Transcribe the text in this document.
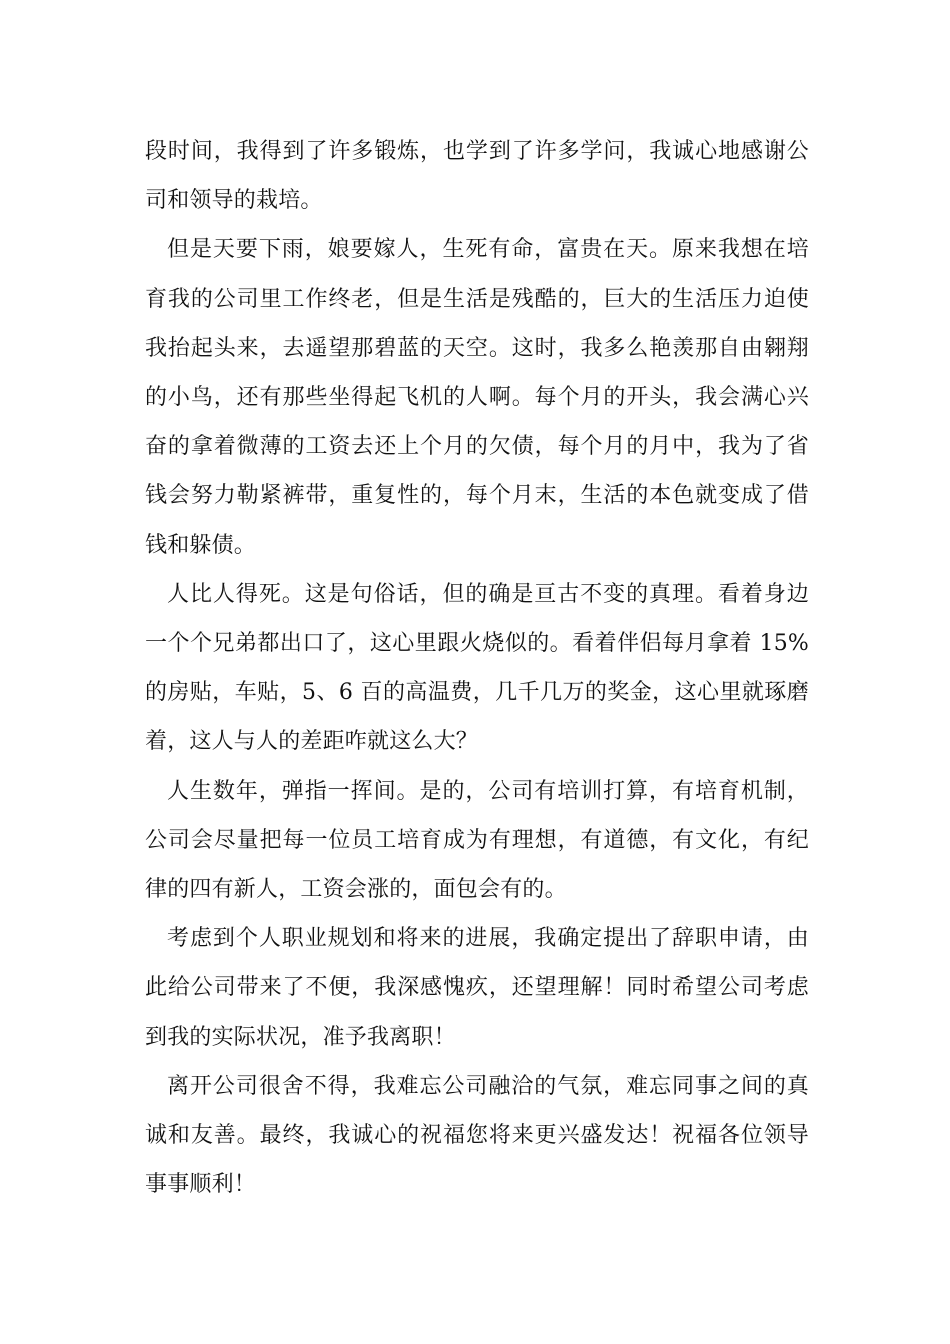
段时间，我得到了许多锻炼，也学到了许多学问，我诚心地感谢公司和领导的栽培。

但是天要下雨，娘要嫁人，生死有命，富贵在天。原来我想在培育我的公司里工作终老，但是生活是残酷的，巨大的生活压力迫使我抬起头来，去遥望那碧蓝的天空。这时，我多么艳羡那自由翱翔的小鸟，还有那些坐得起飞机的人啊。每个月的开头，我会满心兴奋的拿着微薄的工资去还上个月的欠债，每个月的月中，我为了省钱会努力勒紧裤带，重复性的，每个月末，生活的本色就变成了借钱和躲债。

人比人得死。这是句俗话，但的确是亘古不变的真理。看着身边一个个兄弟都出口了，这心里跟火烧似的。看着伴侣每月拿着 15%的房贴，车贴，5、6 百的高温费，几千几万的奖金，这心里就琢磨着，这人与人的差距咋就这么大？

人生数年，弹指一挥间。是的，公司有培训打算，有培育机制，公司会尽量把每一位员工培育成为有理想，有道德，有文化，有纪律的四有新人，工资会涨的，面包会有的。

考虑到个人职业规划和将来的进展，我确定提出了辞职申请，由此给公司带来了不便，我深感愧疚，还望理解！同时希望公司考虑到我的实际状况，准予我离职！

离开公司很舍不得，我难忘公司融洽的气氛，难忘同事之间的真诚和友善。最终，我诚心的祝福您将来更兴盛发达！祝福各位领导事事顺利！
